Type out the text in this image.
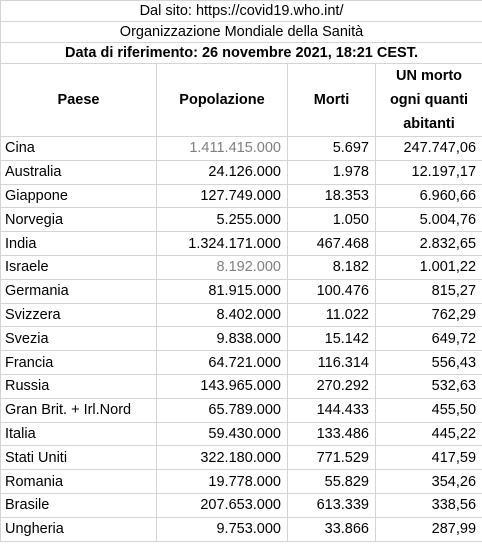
Dal sito: https://covid19.who.int/			
Organizzazione Mondiale della Sanità			
Data di riferimento: 26 novembre 2021, 18:21 CEST.			
Paese	Popolazione	Morti	UN morto
ogni quanti
abitanti

Cina	1.411.415.000	5.697	247.747,06
Australia	24.126.000	1.978	12.197,17
Giappone	127.749.000	18.353	6.960,66
Norvegia	5.255.000	1.050	5.004,76
India	1.324.171.000	467.468	2.832,65
Israele	8.192.000	8.182	1.001,22
Germania	81.915.000	100.476	815,27
Svizzera	8.402.000	11.022	762,29
Svezia	9.838.000	15.142	649,72
Francia	64.721.000	116.314	556,43
Russia	143.965.000	270.292	532,63
Gran Brit. + Irl.Nord	65.789.000	144.433	455,50
Italia	59.430.000	133.486	445,22
Stati Uniti	322.180.000	771.529	417,59
Romania	19.778.000	55.829	354,26
Brasile	207.653.000	613.339	338,56
Ungheria	9.753.000	33.866	287,99
